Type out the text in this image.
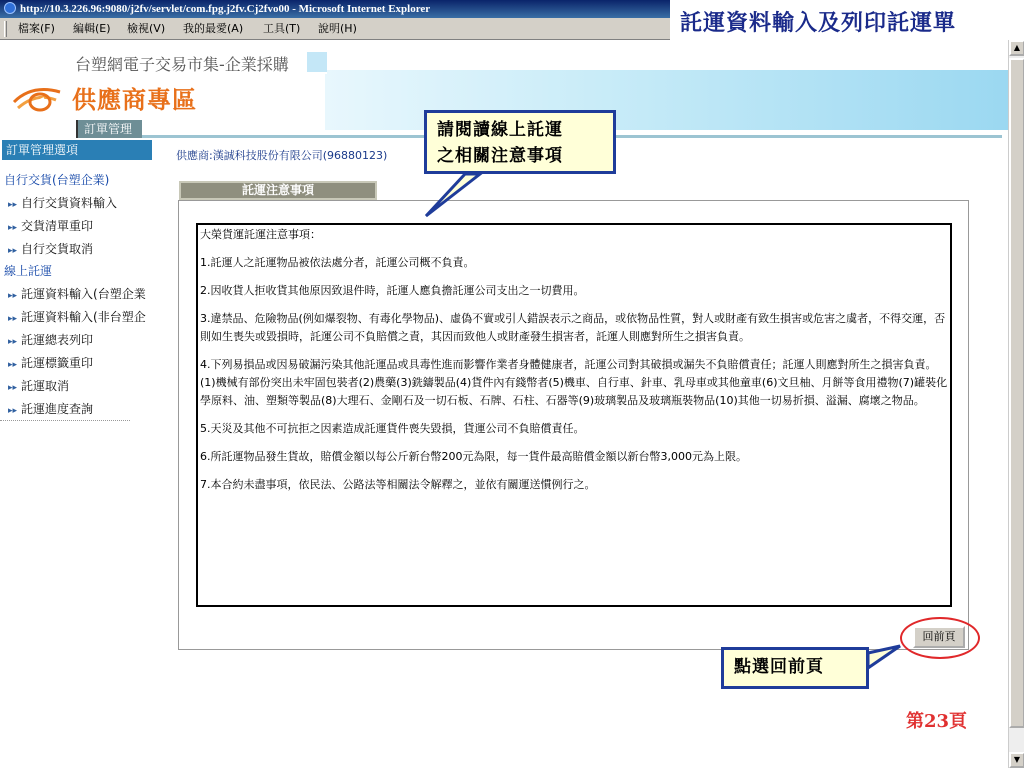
http://10.3.226.96:9080/j2fv/servlet/com.fpg.j2fv.Cj2fvo00 - Microsoft Internet Explorer
檔案(F) 編輯(E) 檢視(V) 我的最愛(A) 工具(T) 說明(H)	託運資料輸入及列印託運單
台塑網電子交易市集-企業採購
供應商專區
訂單管理
訂單管理選項
自行交貨(台塑企業)
▸▸ 自行交貨資料輸入
▸▸ 交貨清單重印
▸▸ 自行交貨取消
線上託運
▸▸ 託運資料輸入(台塑企業
▸▸ 託運資料輸入(非台塑企
▸▸ 託運總表列印
▸▸ 託運標籤重印
▸▸ 託運取消
▸▸ 託運進度查詢
供應商:漢誠科技股份有限公司(96880123)
託運注意事項

大榮貨運託運注意事項：

1.託運人之託運物品被依法處分者，託運公司概不負責。

2.因收貨人拒收貨其他原因致退件時，託運人應負擔託運公司支出之一切費用。

3.違禁品、危險物品(例如爆裂物、有毒化學物品)、虛偽不實或引人錯誤表示之商品，或依物品性質，對人或財產有致生損害或危害之虞者，不得交運，否則如生喪失或毀損時，託運公司不負賠償之責，其因而致他人或財產發生損害者，託運人則應對所生之損害負責。

4.下列易損品或因易破漏污染其他託運品或具毒性進而影響作業者身體健康者，託運公司對其破損或漏失不負賠償責任；託運人則應對所生之損害負責。(1)機械有部份突出未牢固包裝者(2)農藥(3)銑鑄製品(4)貨件內有錢幣者(5)機車、自行車、針車、乳母車或其他童車(6)文旦柚、月餅等食用禮物(7)罐裝化學原料、油、塑類等製品(8)大理石、金剛石及一切石板、石牌、石柱、石器等(9)玻璃製品及玻璃瓶裝物品(10)其他一切易折損、溢漏、腐壞之物品。

5.天災及其他不可抗拒之因素造成託運貨件喪失毀損，貨運公司不負賠償責任。

6.所託運物品發生貨故，賠償金額以每公斤新台幣200元為限，每一貨件最高賠償金額以新台幣3,000元為上限。

7.本合約未盡事項，依民法、公路法等相關法令解釋之，並依有關運送慣例行之。

回前頁
請閱讀線上託運
之相關注意事項
點選回前頁
第23頁
▲
▼
